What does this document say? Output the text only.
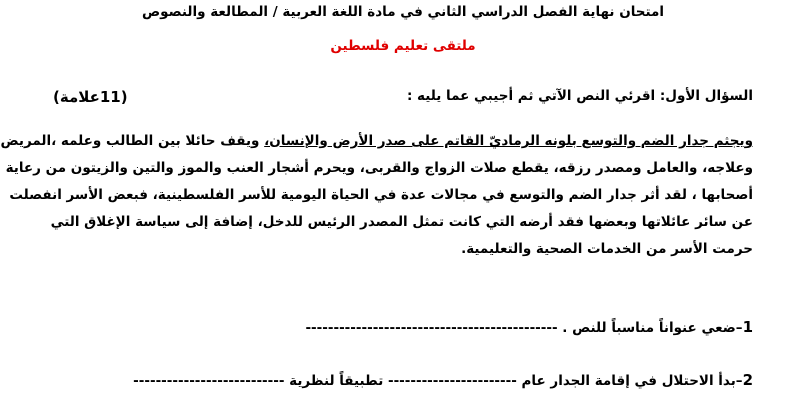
امتحان نهاية الفصل الدراسي الثاني في مادة اللغة العربية / المطالعة والنصوص
ملتقى تعليم فلسطين
السؤال الأول: اقرئي النص الآتي ثم أجيبي عما يليه :
(11علامة)
ويجثم جدار الضم والتوسع بلونه الرماديّ القاتم على صدر الأرض والإنسان، ويقف حائلا بين الطالب وعلمه ،المريض
وعلاجه، والعامل ومصدر رزقه، يقطع صلات الزواج والقربى، ويحرم أشجار العنب والموز والتين والزيتون من رعاية
أصحابها ، لقد أثر جدار الضم والتوسع في مجالات عدة في الحياة اليومية للأسر الفلسطينية، فبعض الأسر انفصلت
عن سائر عائلاتها وبعضها فقد أرضه التي كانت تمثل المصدر الرئيس للدخل، إضافة إلى سياسة الإغلاق التي
حرمت الأسر من الخدمات الصحية والتعليمية.
1–ضعي عنواناً مناسباً للنص . ---------------------------------------------
2–بدأ الاحتلال في إقامة الجدار عام ----------------------- تطبيقاً لنظرية ---------------------------
